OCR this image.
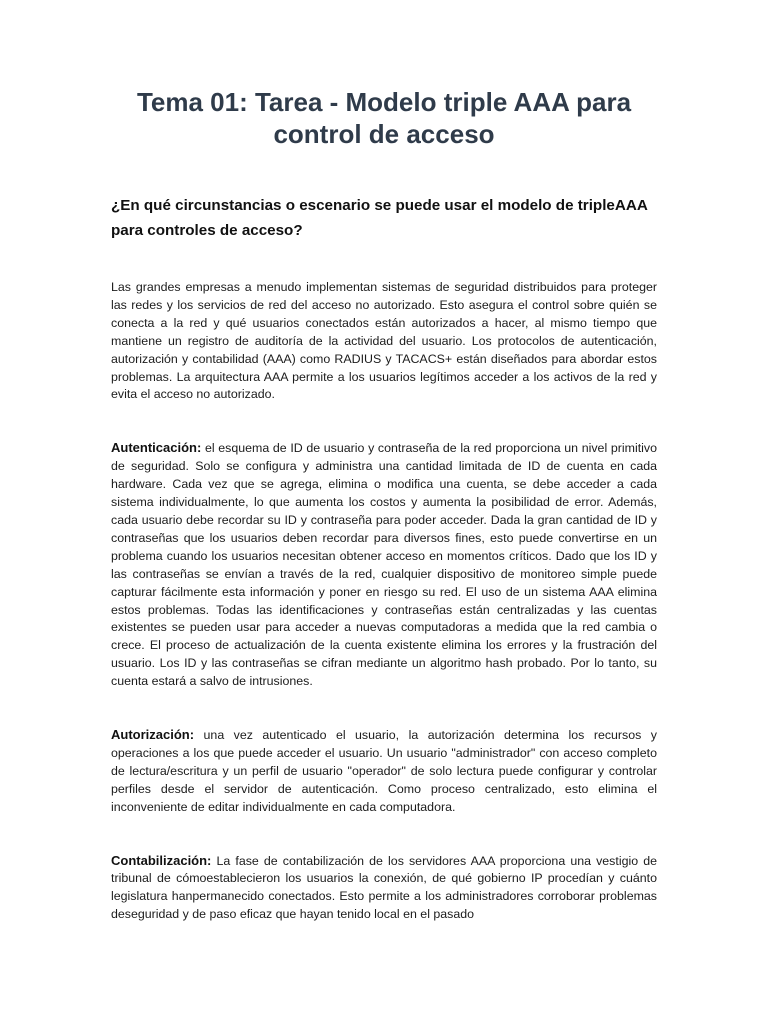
Tema 01: Tarea - Modelo triple AAA para control de acceso

¿En qué circunstancias o escenario se puede usar el modelo de tripleAAA para controles de acceso?

Las grandes empresas a menudo implementan sistemas de seguridad distribuidos para proteger las redes y los servicios de red del acceso no autorizado. Esto asegura el control sobre quién se conecta a la red y qué usuarios conectados están autorizados a hacer, al mismo tiempo que mantiene un registro de auditoría de la actividad del usuario. Los protocolos de autenticación, autorización y contabilidad (AAA) como RADIUS y TACACS+ están diseñados para abordar estos problemas. La arquitectura AAA permite a los usuarios legítimos acceder a los activos de la red y evita el acceso no autorizado.

Autenticación: el esquema de ID de usuario y contraseña de la red proporciona un nivel primitivo de seguridad. Solo se configura y administra una cantidad limitada de ID de cuenta en cada hardware. Cada vez que se agrega, elimina o modifica una cuenta, se debe acceder a cada sistema individualmente, lo que aumenta los costos y aumenta la posibilidad de error. Además, cada usuario debe recordar su ID y contraseña para poder acceder. Dada la gran cantidad de ID y contraseñas que los usuarios deben recordar para diversos fines, esto puede convertirse en un problema cuando los usuarios necesitan obtener acceso en momentos críticos. Dado que los ID y las contraseñas se envían a través de la red, cualquier dispositivo de monitoreo simple puede capturar fácilmente esta información y poner en riesgo su red. El uso de un sistema AAA elimina estos problemas. Todas las identificaciones y contraseñas están centralizadas y las cuentas existentes se pueden usar para acceder a nuevas computadoras a medida que la red cambia o crece. El proceso de actualización de la cuenta existente elimina los errores y la frustración del usuario. Los ID y las contraseñas se cifran mediante un algoritmo hash probado. Por lo tanto, su cuenta estará a salvo de intrusiones.

Autorización: una vez autenticado el usuario, la autorización determina los recursos y operaciones a los que puede acceder el usuario. Un usuario "administrador" con acceso completo de lectura/escritura y un perfil de usuario "operador" de solo lectura puede configurar y controlar perfiles desde el servidor de autenticación. Como proceso centralizado, esto elimina el inconveniente de editar individualmente en cada computadora.

Contabilización: La fase de contabilización de los servidores AAA proporciona una vestigio de tribunal de cómoestablecieron los usuarios la conexión, de qué gobierno IP procedían y cuánto legislatura hanpermanecido conectados. Esto permite a los administradores corroborar problemas deseguridad y de paso eficaz que hayan tenido local en el pasado
